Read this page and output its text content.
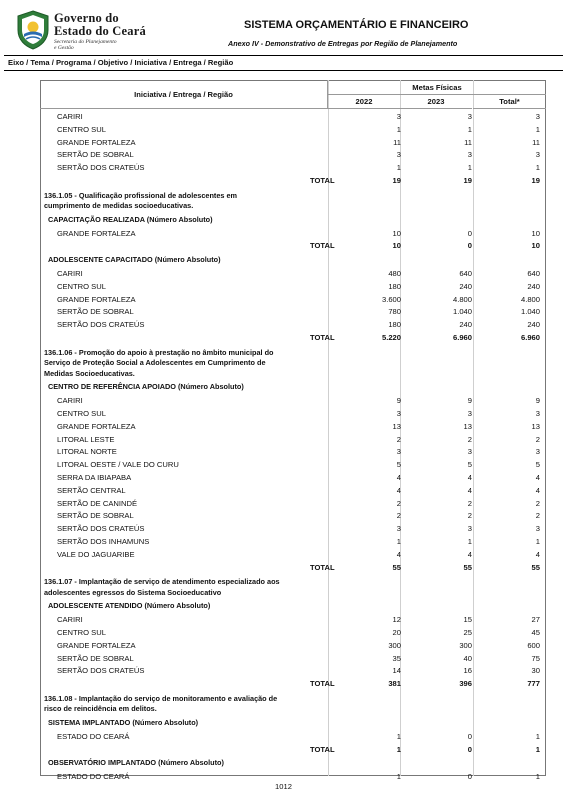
Governo do
Estado do Ceará
Secretaria do Planejamento
e Gestão
SISTEMA ORÇAMENTÁRIO E FINANCEIRO
Anexo IV - Demonstrativo de Entregas por Região de Planejamento
Eixo / Tema / Programa / Objetivo / Iniciativa / Entrega / Região
Iniciativa / Entrega / Região
Metas Físicas
2022	2023	Total*
CARIRI	3	3	3
CENTRO SUL	1	1	1
GRANDE FORTALEZA	11	11	11
SERTÃO DE SOBRAL	3	3	3
SERTÃO DOS CRATEÚS	1	1	1
TOTAL	19	19	19
136.1.05 - Qualificação profissional de adolescentes em
cumprimento de medidas socioeducativas.
CAPACITAÇÃO REALIZADA (Número Absoluto)
GRANDE FORTALEZA	10	0	10
TOTAL	10	0	10
ADOLESCENTE CAPACITADO (Número Absoluto)
CARIRI	480	640	640
CENTRO SUL	180	240	240
GRANDE FORTALEZA	3.600	4.800	4.800
SERTÃO DE SOBRAL	780	1.040	1.040
SERTÃO DOS CRATEÚS	180	240	240
TOTAL	5.220	6.960	6.960
136.1.06 - Promoção do apoio à prestação no âmbito municipal do
Serviço de Proteção Social a Adolescentes em Cumprimento de
Medidas Socioeducativas.
CENTRO DE REFERÊNCIA APOIADO (Número Absoluto)
CARIRI	9	9	9
CENTRO SUL	3	3	3
GRANDE FORTALEZA	13	13	13
LITORAL LESTE	2	2	2
LITORAL NORTE	3	3	3
LITORAL OESTE / VALE DO CURU	5	5	5
SERRA DA IBIAPABA	4	4	4
SERTÃO CENTRAL	4	4	4
SERTÃO DE CANINDÉ	2	2	2
SERTÃO DE SOBRAL	2	2	2
SERTÃO DOS CRATEÚS	3	3	3
SERTÃO DOS INHAMUNS	1	1	1
VALE DO JAGUARIBE	4	4	4
TOTAL	55	55	55
136.1.07 - Implantação de serviço de atendimento especializado aos
adolescentes egressos do Sistema Socioeducativo
ADOLESCENTE ATENDIDO (Número Absoluto)
CARIRI	12	15	27
CENTRO SUL	20	25	45
GRANDE FORTALEZA	300	300	600
SERTÃO DE SOBRAL	35	40	75
SERTÃO DOS CRATEÚS	14	16	30
TOTAL	381	396	777
136.1.08 - Implantação do serviço de monitoramento e avaliação de
risco de reincidência em delitos.
SISTEMA IMPLANTADO (Número Absoluto)
ESTADO DO CEARÁ	1	0	1
TOTAL	1	0	1
OBSERVATÓRIO IMPLANTADO (Número Absoluto)
ESTADO DO CEARÁ	1	0	1
1012
